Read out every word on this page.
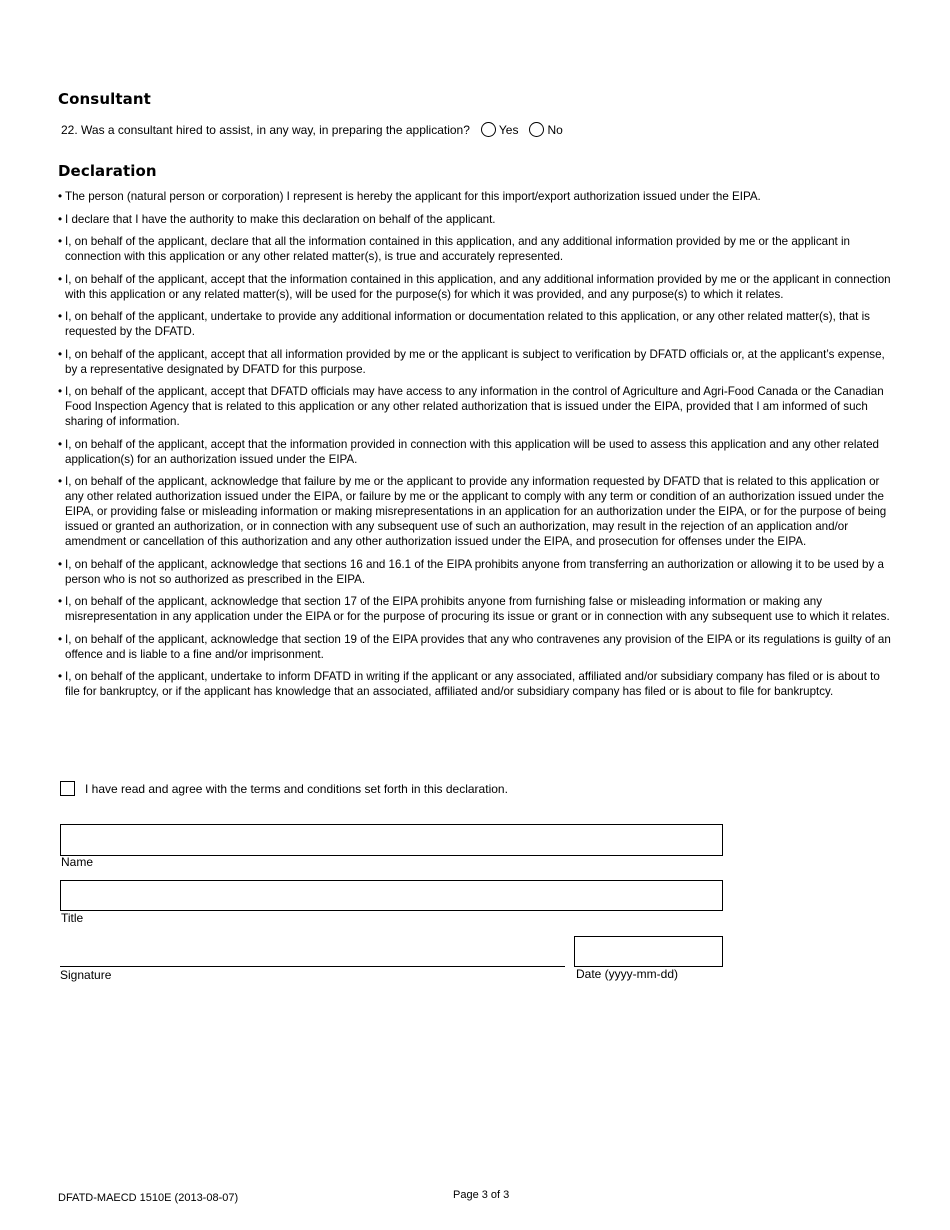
Consultant
22. Was a consultant hired to assist, in any way, in preparing the application? Yes No
Declaration
• The person (natural person or corporation) I represent is hereby the applicant for this import/export authorization issued under the EIPA.
• I declare that I have the authority to make this declaration on behalf of the applicant.
• I, on behalf of the applicant, declare that all the information contained in this application, and any additional information provided by me or the applicant in connection with this application or any other related matter(s), is true and accurately represented.
• I, on behalf of the applicant, accept that the information contained in this application, and any additional information provided by me or the applicant in connection with this application or any related matter(s), will be used for the purpose(s) for which it was provided, and any purpose(s) to which it relates.
• I, on behalf of the applicant, undertake to provide any additional information or documentation related to this application, or any other related matter(s), that is requested by the DFATD.
• I, on behalf of the applicant, accept that all information provided by me or the applicant is subject to verification by DFATD officials or, at the applicant’s expense, by a representative designated by DFATD for this purpose.
• I, on behalf of the applicant, accept that DFATD officials may have access to any information in the control of Agriculture and Agri-Food Canada or the Canadian Food Inspection Agency that is related to this application or any other related authorization that is issued under the EIPA, provided that I am informed of such sharing of information.
• I, on behalf of the applicant, accept that the information provided in connection with this application will be used to assess this application and any other related application(s) for an authorization issued under the EIPA.
• I, on behalf of the applicant, acknowledge that failure by me or the applicant to provide any information requested by DFATD that is related to this application or any other related authorization issued under the EIPA, or failure by me or the applicant to comply with any term or condition of an authorization issued under the EIPA, or providing false or misleading information or making misrepresentations in an application for an authorization under the EIPA, or for the purpose of being issued or granted an authorization, or in connection with any subsequent use of such an authorization, may result in the rejection of an application and/or amendment or cancellation of this authorization and any other authorization issued under the EIPA, and prosecution for offenses under the EIPA.
• I, on behalf of the applicant, acknowledge that sections 16 and 16.1 of the EIPA prohibits anyone from transferring an authorization or allowing it to be used by a person who is not so authorized as prescribed in the EIPA.
• I, on behalf of the applicant, acknowledge that section 17 of the EIPA prohibits anyone from furnishing false or misleading information or making any misrepresentation in any application under the EIPA or for the purpose of procuring its issue or grant or in connection with any subsequent use to which it relates.
• I, on behalf of the applicant, acknowledge that section 19 of the EIPA provides that any who contravenes any provision of the EIPA or its regulations is guilty of an offence and is liable to a fine and/or imprisonment.
• I, on behalf of the applicant, undertake to inform DFATD in writing if the applicant or any associated, affiliated and/or subsidiary company has filed or is about to file for bankruptcy, or if the applicant has knowledge that an associated, affiliated and/or subsidiary company has filed or is about to file for bankruptcy.
I have read and agree with the terms and conditions set forth in this declaration.
Name
Title
Signature	Date (yyyy-mm-dd)
DFATD-MAECD 1510E (2013-08-07)	Page 3 of 3
